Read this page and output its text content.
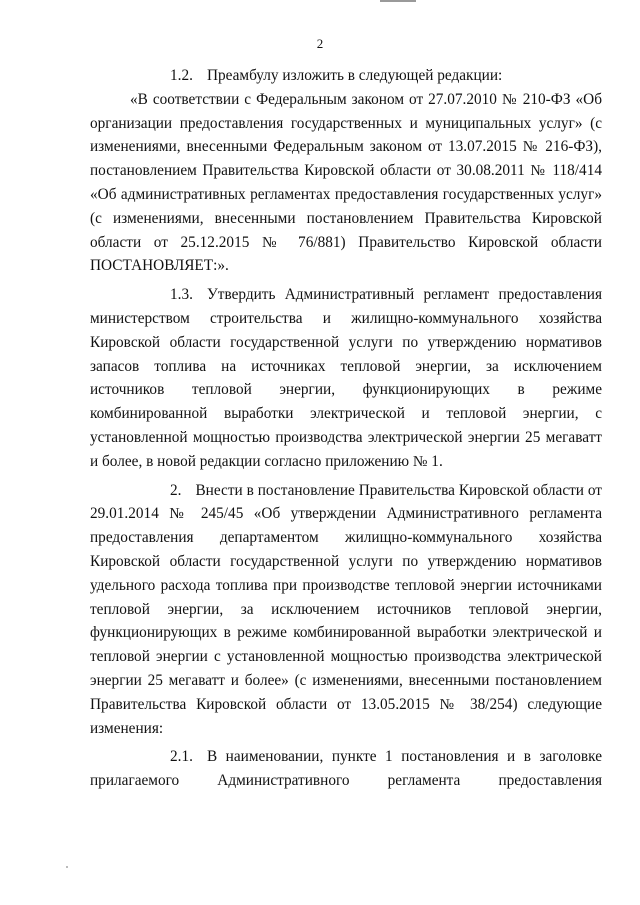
2

1.2. Преамбулу изложить в следующей редакции:

«В соответствии с Федеральным законом от 27.07.2010 № 210-ФЗ «Об организации предоставления государственных и муниципальных услуг» (с изменениями, внесенными Федеральным законом от 13.07.2015 № 216-ФЗ), постановлением Правительства Кировской области от 30.08.2011 № 118/414 «Об административных регламентах предоставления государственных услуг» (с изменениями, внесенными постановлением Правительства Кировской области от 25.12.2015 № 76/881) Правительство Кировской области ПОСТАНОВЛЯЕТ:».

1.3. Утвердить Административный регламент предоставления министерством строительства и жилищно-коммунального хозяйства Кировской области государственной услуги по утверждению нормативов запасов топлива на источниках тепловой энергии, за исключением источников тепловой энергии, функционирующих в режиме комбинированной выработки электрической и тепловой энергии, с установленной мощностью производства электрической энергии 25 мегаватт и более, в новой редакции согласно приложению № 1.

2. Внести в постановление Правительства Кировской области от 29.01.2014 № 245/45 «Об утверждении Административного регламента предоставления департаментом жилищно-коммунального хозяйства Кировской области государственной услуги по утверждению нормативов удельного расхода топлива при производстве тепловой энергии источниками тепловой энергии, за исключением источников тепловой энергии, функционирующих в режиме комбинированной выработки электрической и тепловой энергии с установленной мощностью производства электрической энергии 25 мегаватт и более» (с изменениями, внесенными постановлением Правительства Кировской области от 13.05.2015 № 38/254) следующие изменения:

2.1. В наименовании, пункте 1 постановления и в заголовке прилагаемого Административного регламента предоставления
